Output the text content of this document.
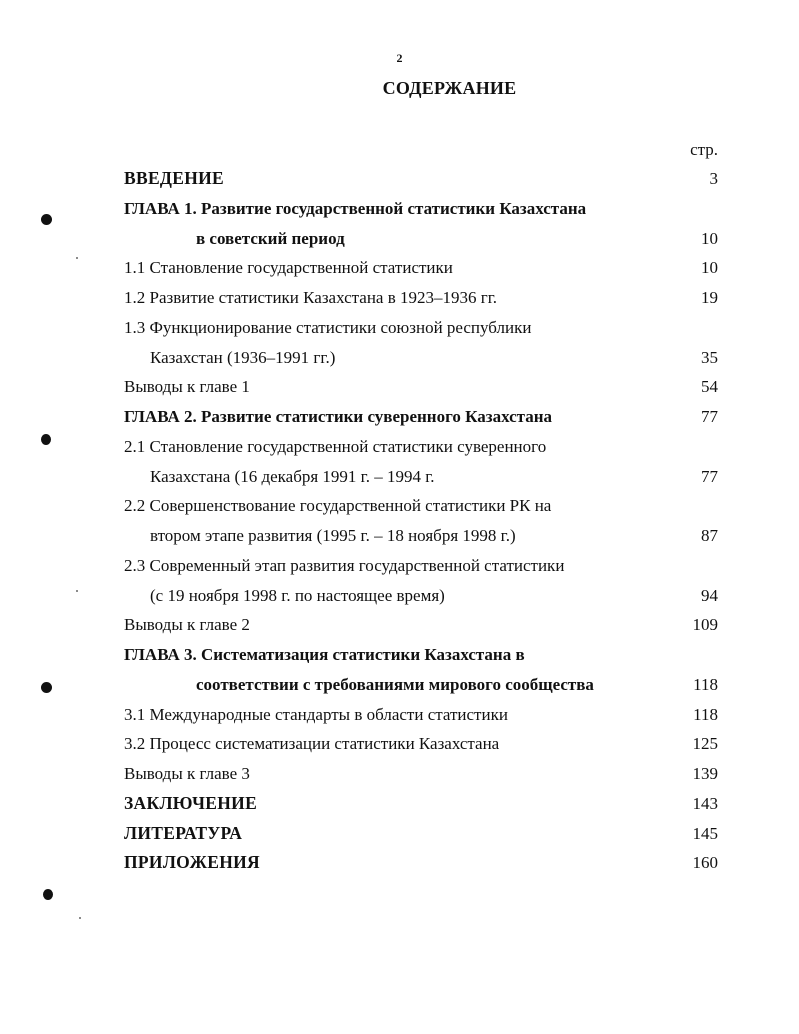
2
СОДЕРЖАНИЕ
стр.
ВВЕДЕНИЕ	3
ГЛАВА 1. Развитие государственной статистики Казахстана
в советский период	10
1.1 Становление государственной статистики	10
1.2 Развитие статистики Казахстана в 1923–1936 гг.	19
1.3 Функционирование статистики союзной республики
Казахстан (1936–1991 гг.)	35
Выводы к главе 1	54
ГЛАВА 2. Развитие статистики суверенного Казахстана	77
2.1 Становление государственной статистики суверенного
Казахстана (16 декабря 1991 г. – 1994 г.	77
2.2 Совершенствование государственной статистики РК на
втором этапе развития (1995 г. – 18 ноября 1998 г.)	87
2.3 Современный этап развития государственной статистики
(с 19 ноября 1998 г. по настоящее время)	94
Выводы к главе 2	109
ГЛАВА 3. Систематизация статистики Казахстана в
соответствии с требованиями мирового сообщества	118
3.1 Международные стандарты в области статистики	118
3.2 Процесс систематизации статистики Казахстана	125
Выводы к главе 3	139
ЗАКЛЮЧЕНИЕ	143
ЛИТЕРАТУРА	145
ПРИЛОЖЕНИЯ	160
